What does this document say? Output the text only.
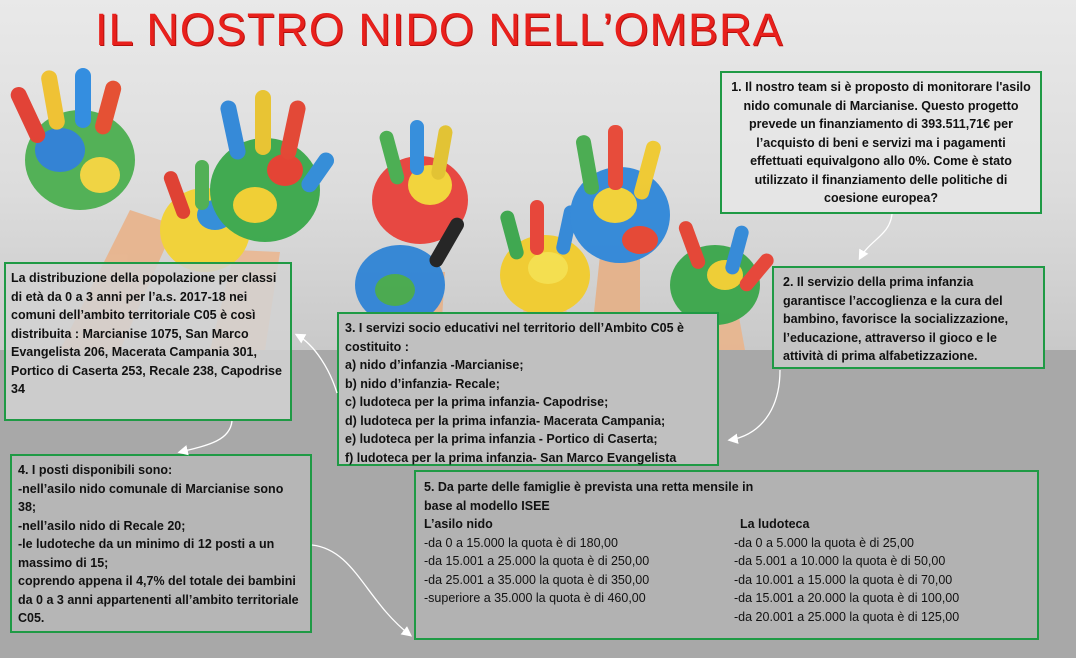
IL NOSTRO NIDO NELL’OMBRA
1. Il nostro team si è proposto di monitorare l'asilo nido comunale di Marcianise. Questo progetto prevede un finanziamento di 393.511,71€ per l’acquisto di beni e servizi ma i pagamenti effettuati equivalgono allo 0%. Come è stato utilizzato il finanziamento delle politiche di coesione europea?
2. Il servizio della prima infanzia garantisce l’accoglienza e la cura del bambino, favorisce la socializzazione, l’educazione, attraverso il gioco e le attività di prima alfabetizzazione.
La distribuzione della popolazione per classi di età da 0 a 3 anni per l’a.s. 2017-18 nei comuni dell’ambito territoriale C05 è così distribuita : Marcianise 1075, San Marco Evangelista 206, Macerata Campania 301, Portico di Caserta 253, Recale 238, Capodrise 34
3. I servizi socio educativi nel territorio dell’Ambito C05 è costituito :
a) nido d’infanzia -Marcianise;
b) nido d’infanzia- Recale;
c) ludoteca per la prima infanzia- Capodrise;
d) ludoteca per la prima infanzia- Macerata Campania;
e) ludoteca per la prima infanzia - Portico di Caserta;
f) ludoteca per la prima infanzia- San Marco Evangelista
4. I posti disponibili sono:
-nell’asilo nido comunale di Marcianise sono 38;
-nell’asilo nido di Recale 20;
-le ludoteche da un minimo di 12 posti a un massimo di 15;
coprendo appena il 4,7% del totale dei bambini da 0 a 3 anni appartenenti all’ambito territoriale C05.
5. Da parte delle famiglie è prevista una retta mensile in base al modello ISEE
L’asilo nido
-da 0 a 15.000 la quota è di 180,00
-da 15.001 a 25.000 la quota è di 250,00
-da 25.001 a 35.000 la quota è di 350,00
-superiore a 35.000 la quota è di 460,00
La ludoteca
-da 0 a 5.000 la quota è di 25,00
-da 5.001 a 10.000 la quota è di 50,00
-da 10.001 a 15.000 la quota è di 70,00
-da 15.001 a 20.000 la quota è di 100,00
-da 20.001 a 25.000 la quota è di 125,00
